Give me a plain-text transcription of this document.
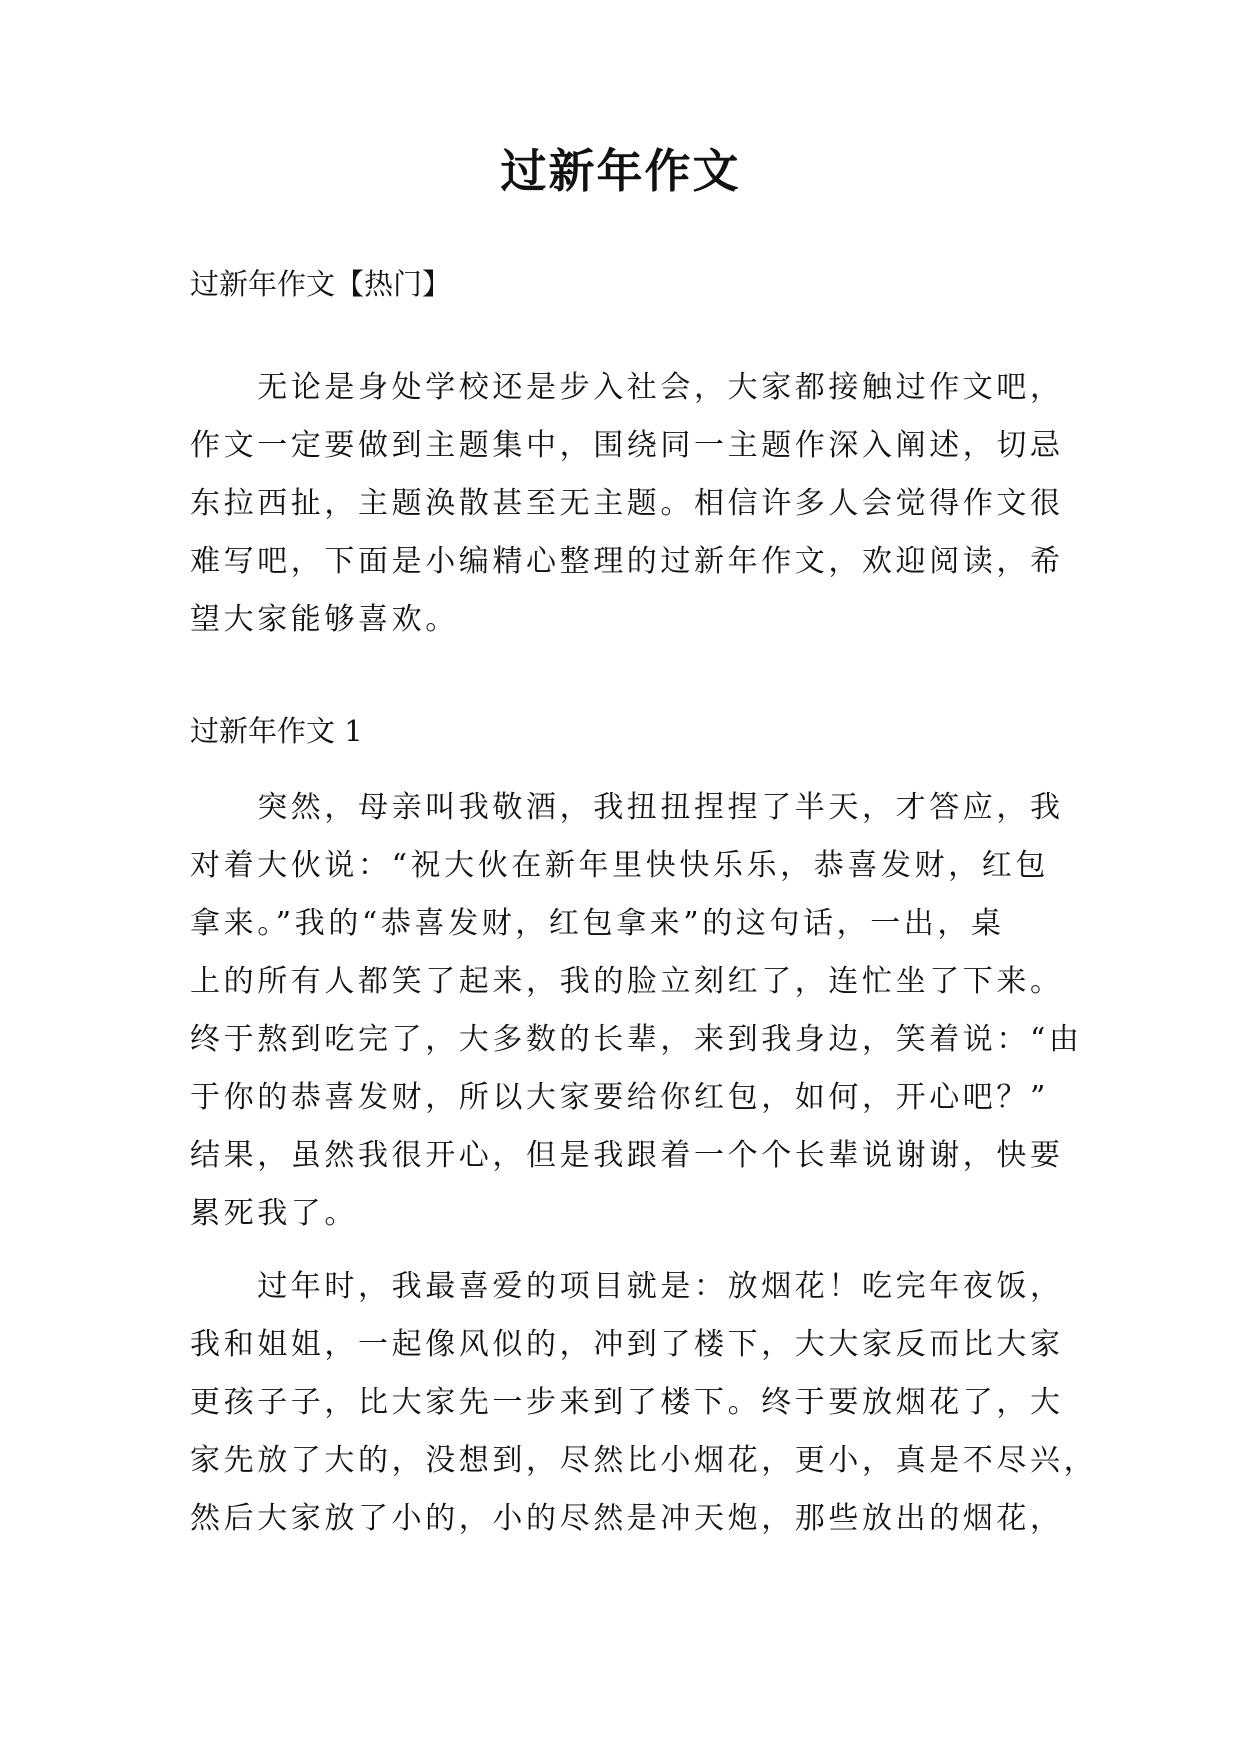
过新年作文
过新年作文【热门】
　　无论是身处学校还是步入社会，大家都接触过作文吧，
作文一定要做到主题集中，围绕同一主题作深入阐述，切忌
东拉西扯，主题涣散甚至无主题。相信许多人会觉得作文很
难写吧，下面是小编精心整理的过新年作文，欢迎阅读，希
望大家能够喜欢。
过新年作文 1
　　突然，母亲叫我敬酒，我扭扭捏捏了半天，才答应，我
对着大伙说：“祝大伙在新年里快快乐乐，恭喜发财，红包
拿来。”我的“恭喜发财，红包拿来”的这句话，一出，桌
上的所有人都笑了起来，我的脸立刻红了，连忙坐了下来。
终于熬到吃完了，大多数的长辈，来到我身边，笑着说：“由
于你的恭喜发财，所以大家要给你红包，如何，开心吧？”
结果，虽然我很开心，但是我跟着一个个长辈说谢谢，快要
累死我了。
　　过年时，我最喜爱的项目就是：放烟花！吃完年夜饭，
我和姐姐，一起像风似的，冲到了楼下，大大家反而比大家
更孩子子，比大家先一步来到了楼下。终于要放烟花了，大
家先放了大的，没想到，尽然比小烟花，更小，真是不尽兴，
然后大家放了小的，小的尽然是冲天炮，那些放出的烟花，
